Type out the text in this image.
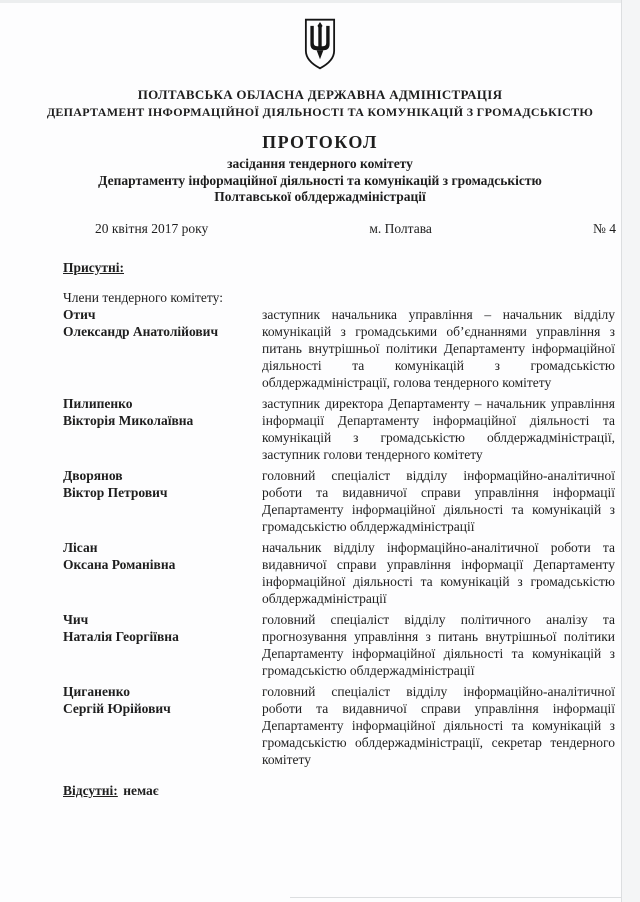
ПОЛТАВСЬКА ОБЛАСНА ДЕРЖАВНА АДМІНІСТРАЦІЯ
ДЕПАРТАМЕНТ ІНФОРМАЦІЙНОЇ ДІЯЛЬНОСТІ ТА КОМУНІКАЦІЙ З ГРОМАДСЬКІСТЮ
ПРОТОКОЛ
засідання тендерного комітету
Департаменту інформаційної діяльності та комунікацій з громадськістю
Полтавської облдержадміністрації
20 квітня 2017 року	м. Полтава	№ 4
Присутні:
Члени тендерного комітету:
Отич
Олександр Анатолійович
заступник начальника управління – начальник відділу комунікацій з громадськими об’єднаннями управління з питань внутрішньої політики Департаменту інформаційної діяльності та комунікацій з громадськістю облдержадміністрації, голова тендерного комітету
Пилипенко
Вікторія Миколаївна
заступник директора Департаменту – начальник управління інформації Департаменту інформаційної діяльності та комунікацій з громадськістю облдержадміністрації, заступник голови тендерного комітету
Дворянов
Віктор Петрович
головний спеціаліст відділу інформаційно-аналітичної роботи та видавничої справи управління інформації Департаменту інформаційної діяльності та комунікацій з громадськістю облдержадміністрації
Лісан
Оксана Романівна
начальник відділу інформаційно-аналітичної роботи та видавничої справи управління інформації Департаменту інформаційної діяльності та комунікацій з громадськістю облдержадміністрації
Чич
Наталія Георгіївна
головний спеціаліст відділу політичного аналізу та прогнозування управління з питань внутрішньої політики Департаменту інформаційної діяльності та комунікацій з громадськістю облдержадміністрації
Циганенко
Сергій Юрійович
головний спеціаліст відділу інформаційно-аналітичної роботи та видавничої справи управління інформації Департаменту інформаційної діяльності та комунікацій з громадськістю облдержадміністрації, секретар тендерного комітету
Відсутні: немає
